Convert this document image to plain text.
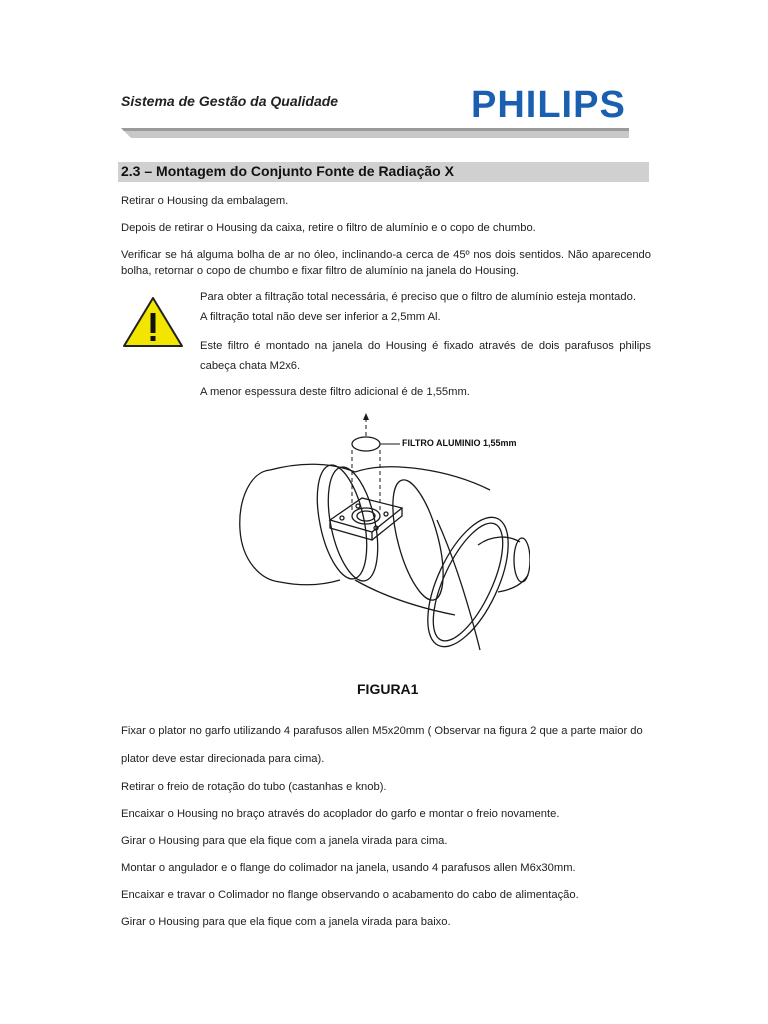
Sistema de Gestão da Qualidade	PHILIPS
2.3 – Montagem do Conjunto Fonte de Radiação X
Retirar o Housing da embalagem.
Depois de retirar o Housing da caixa, retire o filtro de alumínio e o copo de chumbo.
Verificar se há alguma bolha de ar no óleo, inclinando-a cerca de 45º nos dois sentidos. Não aparecendo bolha, retornar o copo de chumbo e fixar filtro de alumínio na janela do Housing.
Para obter a filtração total necessária, é preciso que o filtro de alumínio esteja montado.
A filtração total não deve ser inferior a 2,5mm Al.
Este filtro é montado na janela do Housing é fixado através de dois parafusos philips cabeça chata M2x6.
A menor espessura deste filtro adicional é de 1,55mm.
FILTRO ALUMINIO 1,55mm
FIGURA1
Fixar o plator no garfo utilizando 4 parafusos allen M5x20mm ( Observar na figura 2 que a parte maior do plator deve estar direcionada para cima).
Retirar o freio de rotação do tubo (castanhas e knob).
Encaixar o Housing no braço através do acoplador do garfo e montar o freio novamente.
Girar o Housing para que ela fique com a janela virada para cima.
Montar o angulador e o flange do colimador na janela, usando 4 parafusos allen M6x30mm.
Encaixar e travar o Colimador no flange observando o acabamento do cabo de alimentação.
Girar o Housing para que ela fique com a janela virada para baixo.
